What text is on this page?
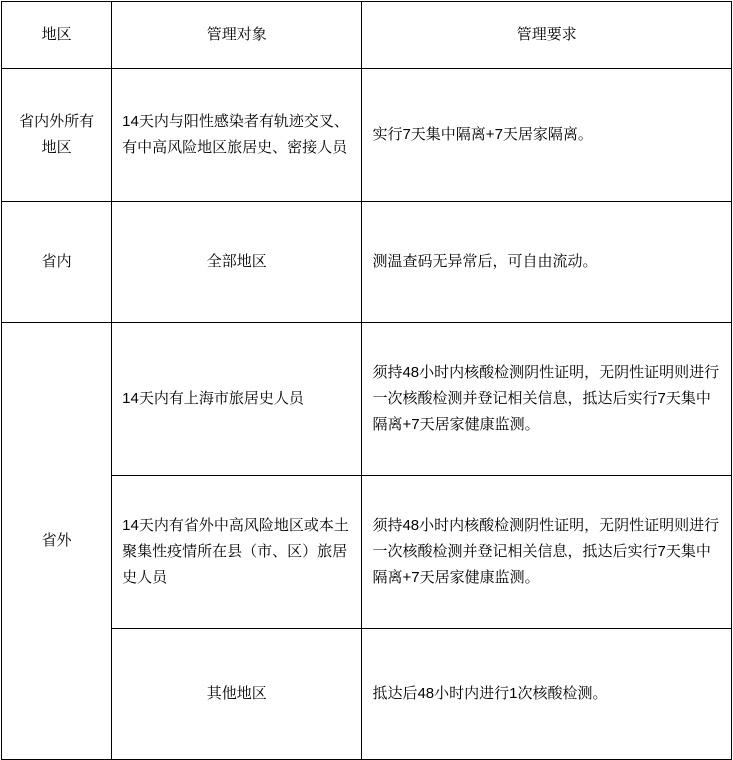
地区	管理对象	管理要求

省内外所有地区	14天内与阳性感染者有轨迹交叉、有中高风险地区旅居史、密接人员	实行7天集中隔离+7天居家隔离。

省内	全部地区	测温查码无异常后，可自由流动。

省外	14天内有上海市旅居史人员	须持48小时内核酸检测阴性证明，无阴性证明则进行一次核酸检测并登记相关信息，抵达后实行7天集中隔离+7天居家健康监测。

	14天内有省外中高风险地区或本土聚集性疫情所在县（市、区）旅居史人员	须持48小时内核酸检测阴性证明，无阴性证明则进行一次核酸检测并登记相关信息，抵达后实行7天集中隔离+7天居家健康监测。

	其他地区	抵达后48小时内进行1次核酸检测。
